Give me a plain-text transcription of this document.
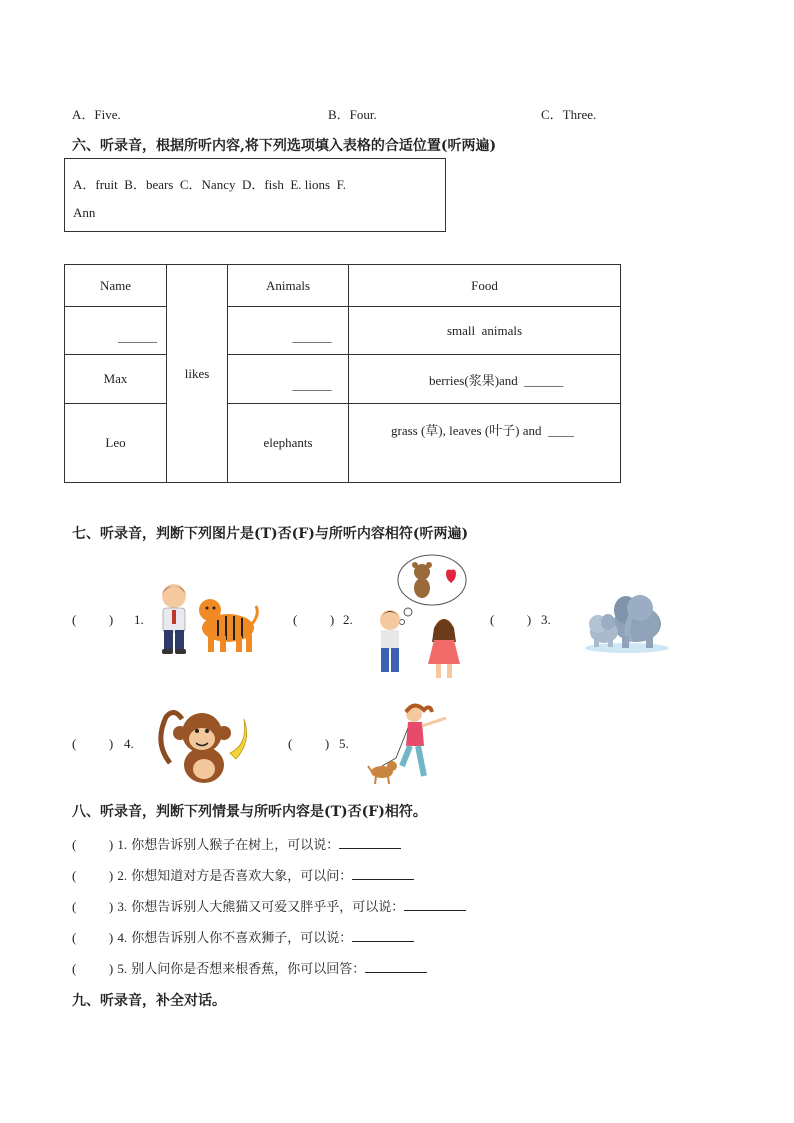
A．Five.	B．Four.	C．Three.
六、听录音，根据所听内容,将下列选项填入表格的合适位置(听两遍)
A．fruit  B．bears  C．Nancy  D．fish  E. lions  F.
Ann
Name	likes	Animals	Food
______		______	small  animals
Max		______	berries(浆果)and  ______
Leo		elephants	grass (草), leaves (叶子) and  ____
七、听录音，判断下列图片是(T)否(F)与所听内容相符(听两遍)
(          ) 1.	(          ) 2.	(          ) 3.
(          ) 4.	(          ) 5.
八、听录音，判断下列情景与所听内容是(T)否(F)相符。
(          ) 1. 你想告诉别人猴子在树上，可以说：
(          ) 2. 你想知道对方是否喜欢大象，可以问：
(          ) 3. 你想告诉别人大熊猫又可爱又胖乎乎，可以说：
(          ) 4. 你想告诉别人你不喜欢狮子，可以说：
(          ) 5. 别人问你是否想来根香蕉，你可以回答：
九、听录音，补全对话。
